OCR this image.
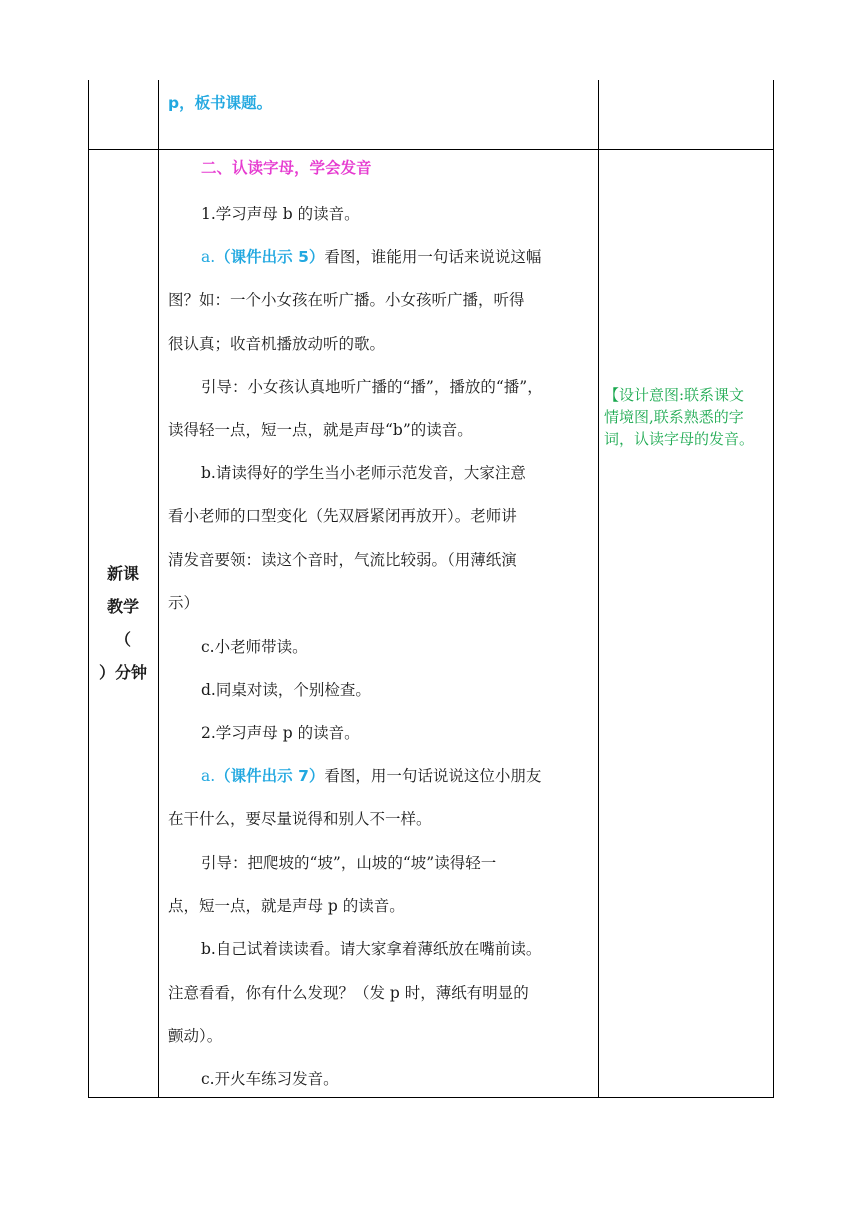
p，板书课题。
新课
教学
（
）分钟
二、认读字母，学会发音
1.学习声母 b 的读音。
a.（课件出示 5）看图，谁能用一句话来说说这幅
图？如：一个小女孩在听广播。小女孩听广播，听得
很认真；收音机播放动听的歌。
引导：小女孩认真地听广播的“播”，播放的“播”，
读得轻一点，短一点，就是声母“b”的读音。
b.请读得好的学生当小老师示范发音，大家注意
看小老师的口型变化（先双唇紧闭再放开）。老师讲
清发音要领：读这个音时，气流比较弱。（用薄纸演
示）
c.小老师带读。
d.同桌对读，个别检查。
2.学习声母 p 的读音。
a.（课件出示 7）看图，用一句话说说这位小朋友
在干什么，要尽量说得和别人不一样。
引导：把爬坡的“坡”，山坡的“坡”读得轻一
点，短一点，就是声母 p 的读音。
b.自己试着读读看。请大家拿着薄纸放在嘴前读。
注意看看，你有什么发现？（发 p 时，薄纸有明显的
颤动）。
c.开火车练习发音。
【设计意图:联系课文
情境图,联系熟悉的字
词，认读字母的发音。
